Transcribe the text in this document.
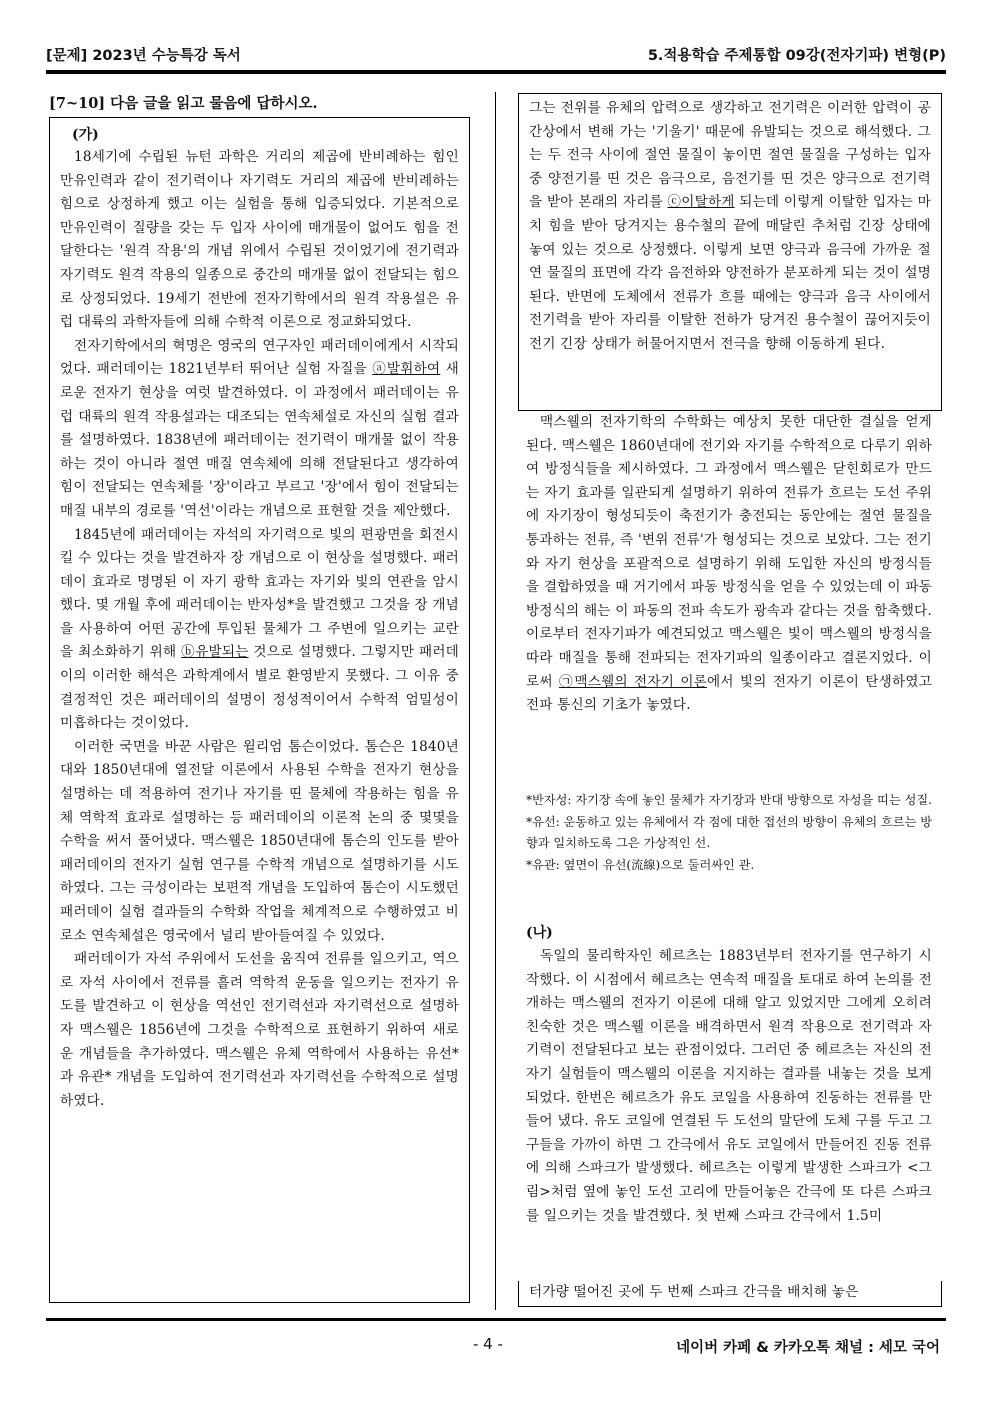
[문제] 2023년 수능특강 독서	5.적용학습 주제통합 09강(전자기파) 변형(P)
[7~10] 다음 글을 읽고 물음에 답하시오.
(가)

18세기에 수립된 뉴턴 과학은 거리의 제곱에 반비례하는 힘인 만유인력과 같이 전기력이나 자기력도 거리의 제곱에 반비례하는 힘으로 상정하게 했고 이는 실험을 통해 입증되었다. 기본적으로 만유인력이 질량을 갖는 두 입자 사이에 매개물이 없어도 힘을 전달한다는 '원격 작용'의 개념 위에서 수립된 것이었기에 전기력과 자기력도 원격 작용의 일종으로 중간의 매개물 없이 전달되는 힘으로 상정되었다. 19세기 전반에 전자기학에서의 원격 작용설은 유럽 대륙의 과학자들에 의해 수학적 이론으로 정교화되었다.

전자기학에서의 혁명은 영국의 연구자인 패러데이에게서 시작되었다. 패러데이는 1821년부터 뛰어난 실험 자질을 ⓐ발휘하여 새로운 전자기 현상을 여럿 발견하였다. 이 과정에서 패러데이는 유럽 대륙의 원격 작용설과는 대조되는 연속체설로 자신의 실험 결과를 설명하였다. 1838년에 패러데이는 전기력이 매개물 없이 작용하는 것이 아니라 절연 매질 연속체에 의해 전달된다고 생각하여 힘이 전달되는 연속체를 '장'이라고 부르고 '장'에서 힘이 전달되는 매질 내부의 경로를 '역선'이라는 개념으로 표현할 것을 제안했다.

1845년에 패러데이는 자석의 자기력으로 빛의 편광면을 회전시킬 수 있다는 것을 발견하자 장 개념으로 이 현상을 설명했다. 패러데이 효과로 명명된 이 자기 광학 효과는 자기와 빛의 연관을 암시했다. 몇 개월 후에 패러데이는 반자성*을 발견했고 그것을 장 개념을 사용하여 어떤 공간에 투입된 물체가 그 주변에 일으키는 교란을 최소화하기 위해 ⓑ유발되는 것으로 설명했다. 그렇지만 패러데이의 이러한 해석은 과학계에서 별로 환영받지 못했다. 그 이유 중 결정적인 것은 패러데이의 설명이 정성적이어서 수학적 엄밀성이 미흡하다는 것이었다.

이러한 국면을 바꾼 사람은 윌리엄 톰슨이었다. 톰슨은 1840년대와 1850년대에 열전달 이론에서 사용된 수학을 전자기 현상을 설명하는 데 적용하여 전기나 자기를 띤 물체에 작용하는 힘을 유체 역학적 효과로 설명하는 등 패러데이의 이론적 논의 중 몇몇을 수학을 써서 풀어냈다. 맥스웰은 1850년대에 톰슨의 인도를 받아 패러데이의 전자기 실험 연구를 수학적 개념으로 설명하기를 시도하였다. 그는 극성이라는 보편적 개념을 도입하여 톰슨이 시도했던 패러데이 실험 결과들의 수학화 작업을 체계적으로 수행하였고 비로소 연속체설은 영국에서 널리 받아들여질 수 있었다.

패러데이가 자석 주위에서 도선을 움직여 전류를 일으키고, 역으로 자석 사이에서 전류를 흘려 역학적 운동을 일으키는 전자기 유도를 발견하고 이 현상을 역선인 전기력선과 자기력선으로 설명하자 맥스웰은 1856년에 그것을 수학적으로 표현하기 위하여 새로운 개념들을 추가하였다. 맥스웰은 유체 역학에서 사용하는 유선*과 유관* 개념을 도입하여 전기력선과 자기력선을 수학적으로 설명하였다.

그는 전위를 유체의 압력으로 생각하고 전기력은 이러한 압력이 공간상에서 변해 가는 '기울기' 때문에 유발되는 것으로 해석했다. 그는 두 전극 사이에 절연 물질이 놓이면 절연 물질을 구성하는 입자 중 양전기를 띤 것은 음극으로, 음전기를 띤 것은 양극으로 전기력을 받아 본래의 자리를 ⓒ이탈하게 되는데 이렇게 이탈한 입자는 마치 힘을 받아 당겨지는 용수철의 끝에 매달린 추처럼 긴장 상태에 놓여 있는 것으로 상정했다. 이렇게 보면 양극과 음극에 가까운 절연 물질의 표면에 각각 음전하와 양전하가 분포하게 되는 것이 설명된다. 반면에 도체에서 전류가 흐를 때에는 양극과 음극 사이에서 전기력을 받아 자리를 이탈한 전하가 당겨진 용수철이 끊어지듯이 전기 긴장 상태가 허물어지면서 전극을 향해 이동하게 된다.

맥스웰의 전자기학의 수학화는 예상치 못한 대단한 결실을 얻게 된다. 맥스웰은 1860년대에 전기와 자기를 수학적으로 다루기 위하여 방정식들을 제시하였다. 그 과정에서 맥스웰은 닫힌회로가 만드는 자기 효과를 일관되게 설명하기 위하여 전류가 흐르는 도선 주위에 자기장이 형성되듯이 축전기가 충전되는 동안에는 절연 물질을 통과하는 전류, 즉 '변위 전류'가 형성되는 것으로 보았다. 그는 전기와 자기 현상을 포괄적으로 설명하기 위해 도입한 자신의 방정식들을 결합하였을 때 거기에서 파동 방정식을 얻을 수 있었는데 이 파동 방정식의 해는 이 파동의 전파 속도가 광속과 같다는 것을 함축했다. 이로부터 전자기파가 예견되었고 맥스웰은 빛이 맥스웰의 방정식을 따라 매질을 통해 전파되는 전자기파의 일종이라고 결론지었다. 이로써 ㉠맥스웰의 전자기 이론에서 빛의 전자기 이론이 탄생하였고 전파 통신의 기초가 놓였다.

*반자성: 자기장 속에 놓인 물체가 자기장과 반대 방향으로 자성을 띠는 성질.

*유선: 운동하고 있는 유체에서 각 점에 대한 접선의 방향이 유체의 흐르는 방향과 일치하도록 그은 가상적인 선.

*유관: 옆면이 유선(流線)으로 둘러싸인 관.

(나)

독일의 물리학자인 헤르츠는 1883년부터 전자기를 연구하기 시작했다. 이 시점에서 헤르츠는 연속적 매질을 토대로 하여 논의를 전개하는 맥스웰의 전자기 이론에 대해 알고 있었지만 그에게 오히려 친숙한 것은 맥스웰 이론을 배격하면서 원격 작용으로 전기력과 자기력이 전달된다고 보는 관점이었다. 그러던 중 헤르츠는 자신의 전자기 실험들이 맥스웰의 이론을 지지하는 결과를 내놓는 것을 보게 되었다. 한번은 헤르츠가 유도 코일을 사용하여 진동하는 전류를 만들어 냈다. 유도 코일에 연결된 두 도선의 말단에 도체 구를 두고 그 구들을 가까이 하면 그 간극에서 유도 코일에서 만들어진 진동 전류에 의해 스파크가 발생했다. 헤르츠는 이렇게 발생한 스파크가 <그림>처럼 옆에 놓인 도선 고리에 만들어놓은 간극에 또 다른 스파크를 일으키는 것을 발견했다. 첫 번째 스파크 간극에서 1.5미

터가량 떨어진 곳에 두 번째 스파크 간극을 배치해 놓은

- 4 -	네이버 카페 & 카카오톡 채널 : 세모 국어
